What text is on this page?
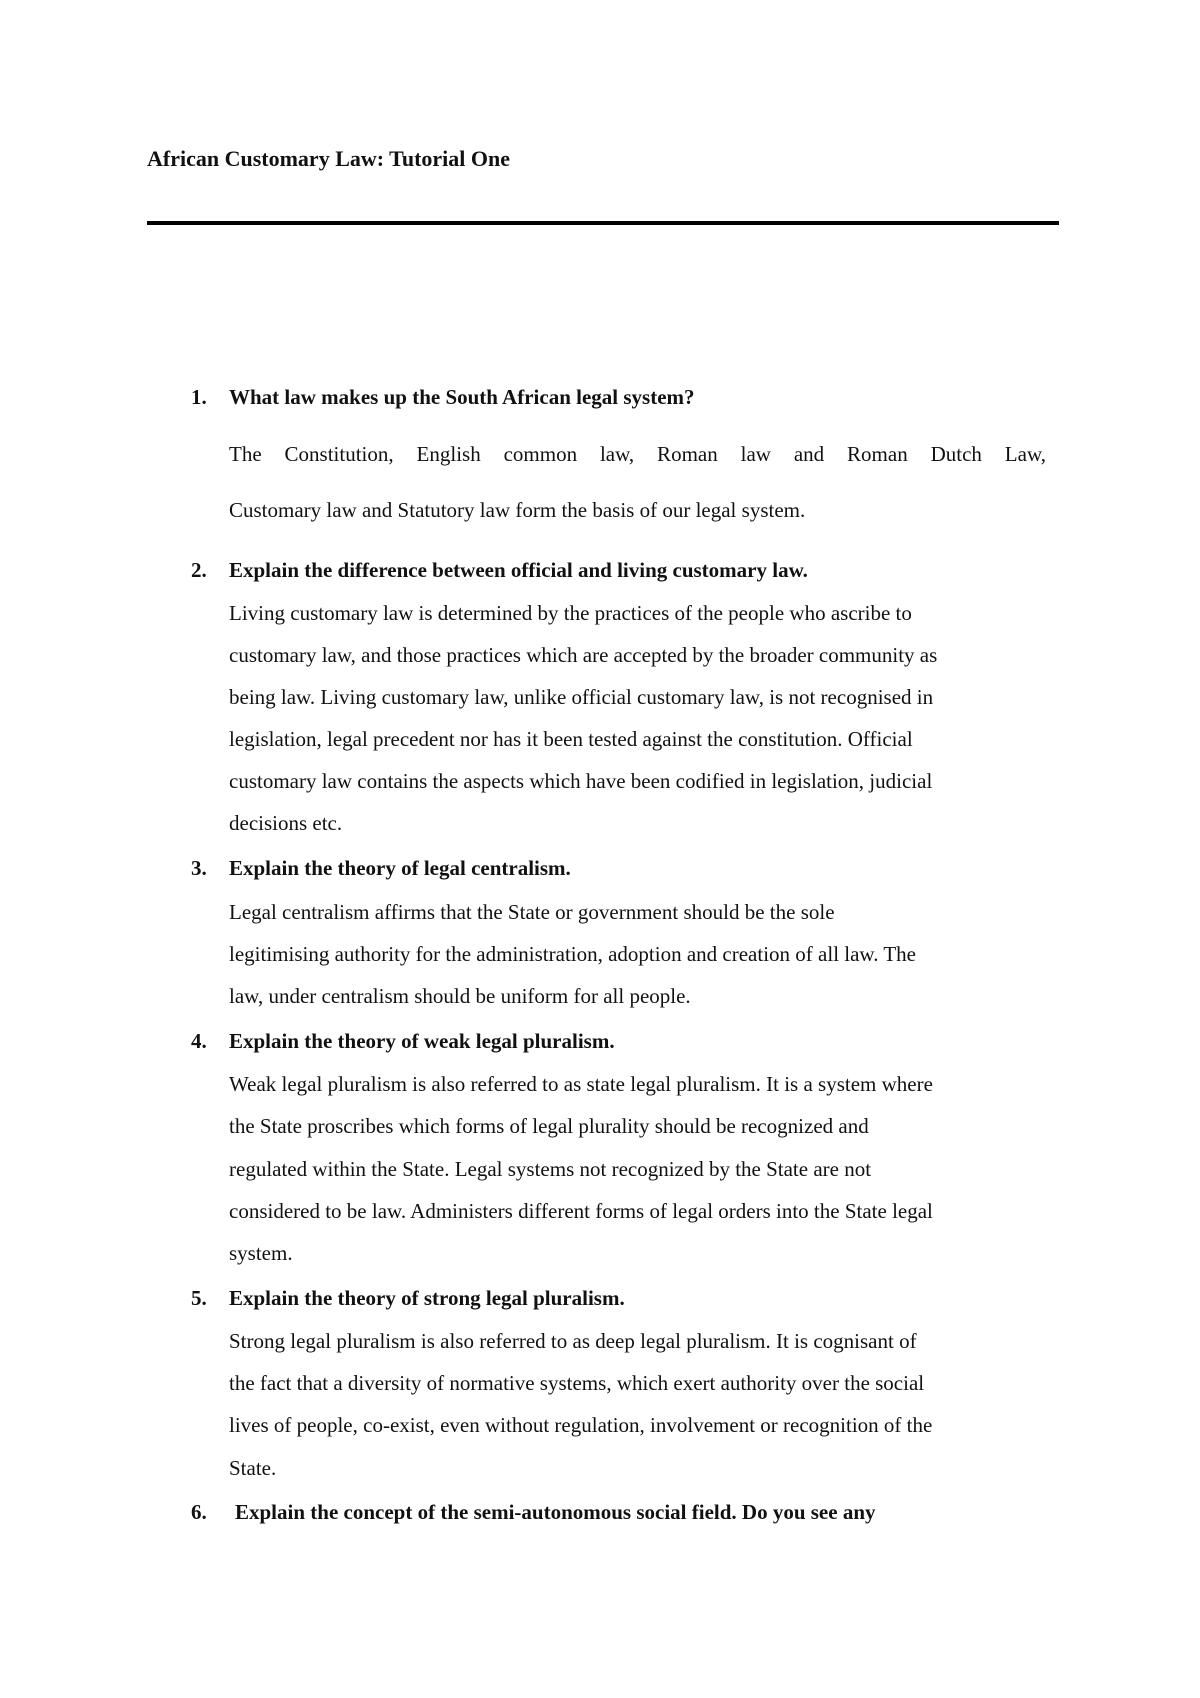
African Customary Law: Tutorial One
1. What law makes up the South African legal system?
The Constitution, English common law, Roman law and Roman Dutch Law,
Customary law and Statutory law form the basis of our legal system.
2. Explain the difference between official and living customary law.
Living customary law is determined by the practices of the people who ascribe to
customary law, and those practices which are accepted by the broader community as
being law. Living customary law, unlike official customary law, is not recognised in
legislation, legal precedent nor has it been tested against the constitution. Official
customary law contains the aspects which have been codified in legislation, judicial
decisions etc.
3. Explain the theory of legal centralism.
Legal centralism affirms that the State or government should be the sole
legitimising authority for the administration, adoption and creation of all law. The
law, under centralism should be uniform for all people.
4. Explain the theory of weak legal pluralism.
Weak legal pluralism is also referred to as state legal pluralism. It is a system where
the State proscribes which forms of legal plurality should be recognized and
regulated within the State. Legal systems not recognized by the State are not
considered to be law. Administers different forms of legal orders into the State legal
system.
5. Explain the theory of strong legal pluralism.
Strong legal pluralism is also referred to as deep legal pluralism. It is cognisant of
the fact that a diversity of normative systems, which exert authority over the social
lives of people, co-exist, even without regulation, involvement or recognition of the
State.
6. Explain the concept of the semi-autonomous social field. Do you see any
